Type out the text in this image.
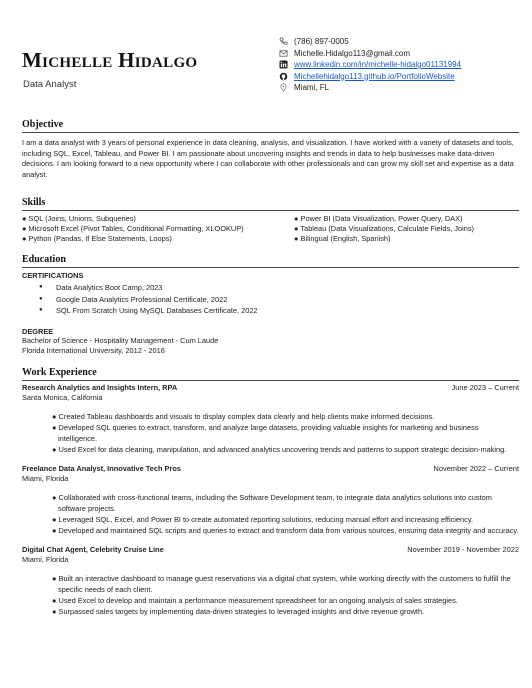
Michelle Hidalgo
Data Analyst
(786) 897-0005
Michelle.Hidalgo113@gmail.com
www.linkedin.com/in/michelle-hidalgo01131994
Michellehidalgo113.github.io/PortfolioWebsite
Miami, FL
Objective
I am a data analyst with 3 years of personal experience in data cleaning, analysis, and visualization. I have worked with a variety of datasets and tools, including SQL, Excel, Tableau, and Power BI. I am passionate about uncovering insights and trends in data to help businesses make data-driven decisions. I am looking forward to a new opportunity where I can collaborate with other professionals and can grow my skill set and expertise as a data analyst.
Skills
● SQL (Joins, Unions, Subqueries)	● Power BI (Data Visualization, Power Query, DAX)
● Microsoft Excel (Pivot Tables, Conditional Formatting, XLOOKUP)	● Tableau (Data Visualizations, Calculate Fields, Joins)
● Python (Pandas, If Else Statements, Loops)	● Bilingual (English, Spanish)
Education
CERTIFICATIONS
● Data Analytics Boot Camp, 2023
● Google Data Analytics Professional Certificate, 2022
● SQL From Scratch Using MySQL Databases Certificate, 2022
DEGREE
Bachelor of Science - Hospitality Management - Cum Laude
Florida International University, 2012 - 2016
Work Experience
Research Analytics and Insights Intern, RPA	June 2023 – Current
Santa Monica, California
● Created Tableau dashboards and visuals to display complex data clearly and help clients make informed decisions.
● Developed SQL queries to extract, transform, and analyze large datasets, providing valuable insights for marketing and business intelligence.
● Used Excel for data cleaning, manipulation, and advanced analytics uncovering trends and patterns to support strategic decision-making.
Freelance Data Analyst, Innovative Tech Pros	November 2022 – Current
Miami, Florida
● Collaborated with cross-functional teams, including the Software Development team, to integrate data analytics solutions into custom software projects.
● Leveraged SQL, Excel, and Power BI to create automated reporting solutions, reducing manual effort and increasing efficiency.
● Developed and maintained SQL scripts and queries to extract and transform data from various sources, ensuring data integrity and accuracy.
Digital Chat Agent, Celebrity Cruise Line	November 2019 - November 2022
Miami, Florida
● Built an interactive dashboard to manage guest reservations via a digital chat system, while working directly with the customers to fulfill the specific needs of each client.
● Used Excel to develop and maintain a performance measurement spreadsheet for an ongoing analysis of sales strategies.
● Surpassed sales targets by implementing data-driven strategies to leveraged insights and drive revenue growth.
